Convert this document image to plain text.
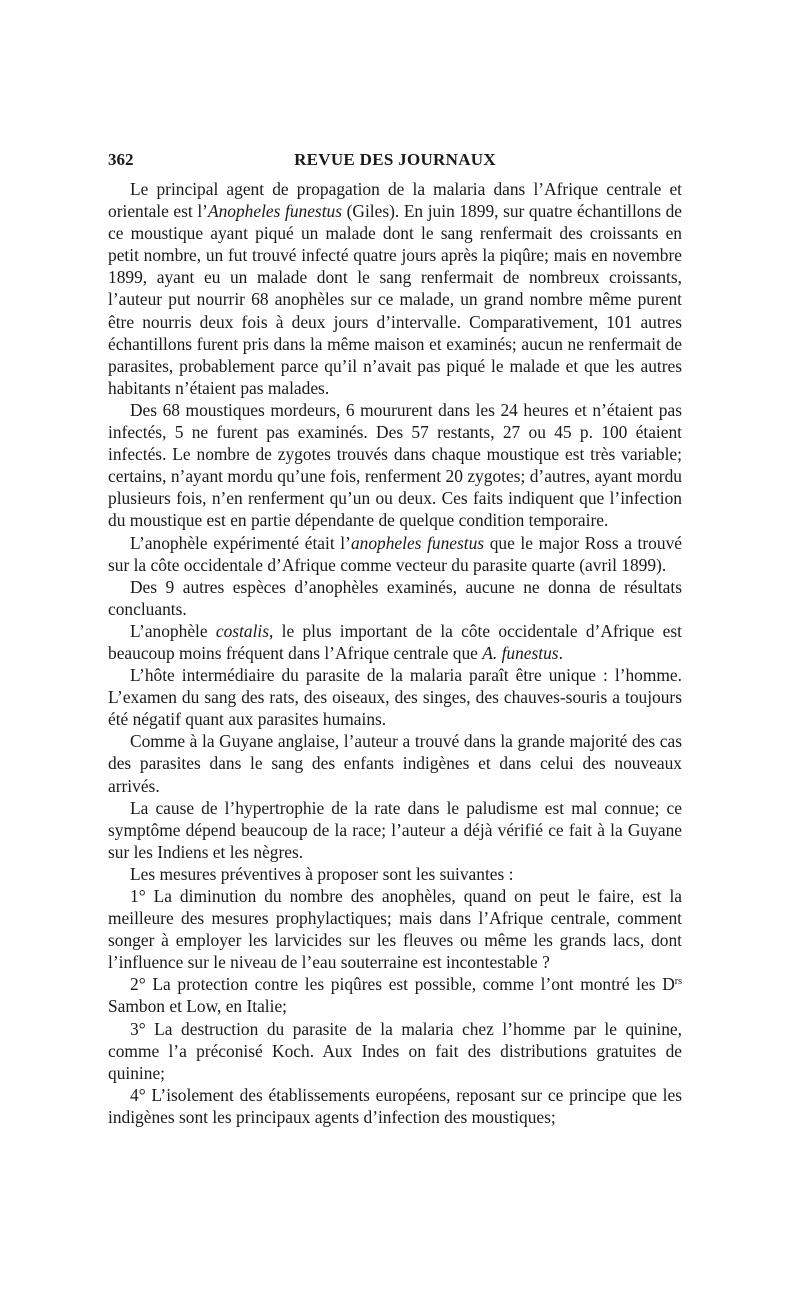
362	REVUE DES JOURNAUX

Le principal agent de propagation de la malaria dans l’Afrique centrale et orientale est l’Anopheles funestus (Giles). En juin 1899, sur quatre échantillons de ce moustique ayant piqué un malade dont le sang renfermait des croissants en petit nombre, un fut trouvé infecté quatre jours après la piqûre; mais en novembre 1899, ayant eu un malade dont le sang renfermait de nombreux croissants, l’auteur put nourrir 68 anophèles sur ce malade, un grand nombre même purent être nourris deux fois à deux jours d’intervalle. Comparativement, 101 autres échantillons furent pris dans la même maison et examinés; aucun ne renfermait de parasites, probablement parce qu’il n’avait pas piqué le malade et que les autres habitants n’étaient pas malades.

Des 68 moustiques mordeurs, 6 moururent dans les 24 heures et n’étaient pas infectés, 5 ne furent pas examinés. Des 57 restants, 27 ou 45 p. 100 étaient infectés. Le nombre de zygotes trouvés dans chaque moustique est très variable; certains, n’ayant mordu qu’une fois, renferment 20 zygotes; d’autres, ayant mordu plusieurs fois, n’en renferment qu’un ou deux. Ces faits indiquent que l’infection du moustique est en partie dépendante de quelque condition temporaire.

L’anophèle expérimenté était l’anopheles funestus que le major Ross a trouvé sur la côte occidentale d’Afrique comme vecteur du parasite quarte (avril 1899).

Des 9 autres espèces d’anophèles examinés, aucune ne donna de résultats concluants.

L’anophèle costalis, le plus important de la côte occidentale d’Afrique est beaucoup moins fréquent dans l’Afrique centrale que A. funestus.

L’hôte intermédiaire du parasite de la malaria paraît être unique : l’homme. L’examen du sang des rats, des oiseaux, des singes, des chauves-souris a toujours été négatif quant aux parasites humains.

Comme à la Guyane anglaise, l’auteur a trouvé dans la grande majorité des cas des parasites dans le sang des enfants indigènes et dans celui des nouveaux arrivés.

La cause de l’hypertrophie de la rate dans le paludisme est mal connue; ce symptôme dépend beaucoup de la race; l’auteur a déjà vérifié ce fait à la Guyane sur les Indiens et les nègres.

Les mesures préventives à proposer sont les suivantes :

1° La diminution du nombre des anophèles, quand on peut le faire, est la meilleure des mesures prophylactiques; mais dans l’Afrique centrale, comment songer à employer les larvicides sur les fleuves ou même les grands lacs, dont l’influence sur le niveau de l’eau souterraine est incontestable ?

2° La protection contre les piqûres est possible, comme l’ont montré les $D^{rs}$ Sambon et Low, en Italie;

3° La destruction du parasite de la malaria chez l’homme par le quinine, comme l’a préconisé Koch. Aux Indes on fait des distributions gratuites de quinine;

4° L’isolement des établissements européens, reposant sur ce principe que les indigènes sont les principaux agents d’infection des moustiques;
